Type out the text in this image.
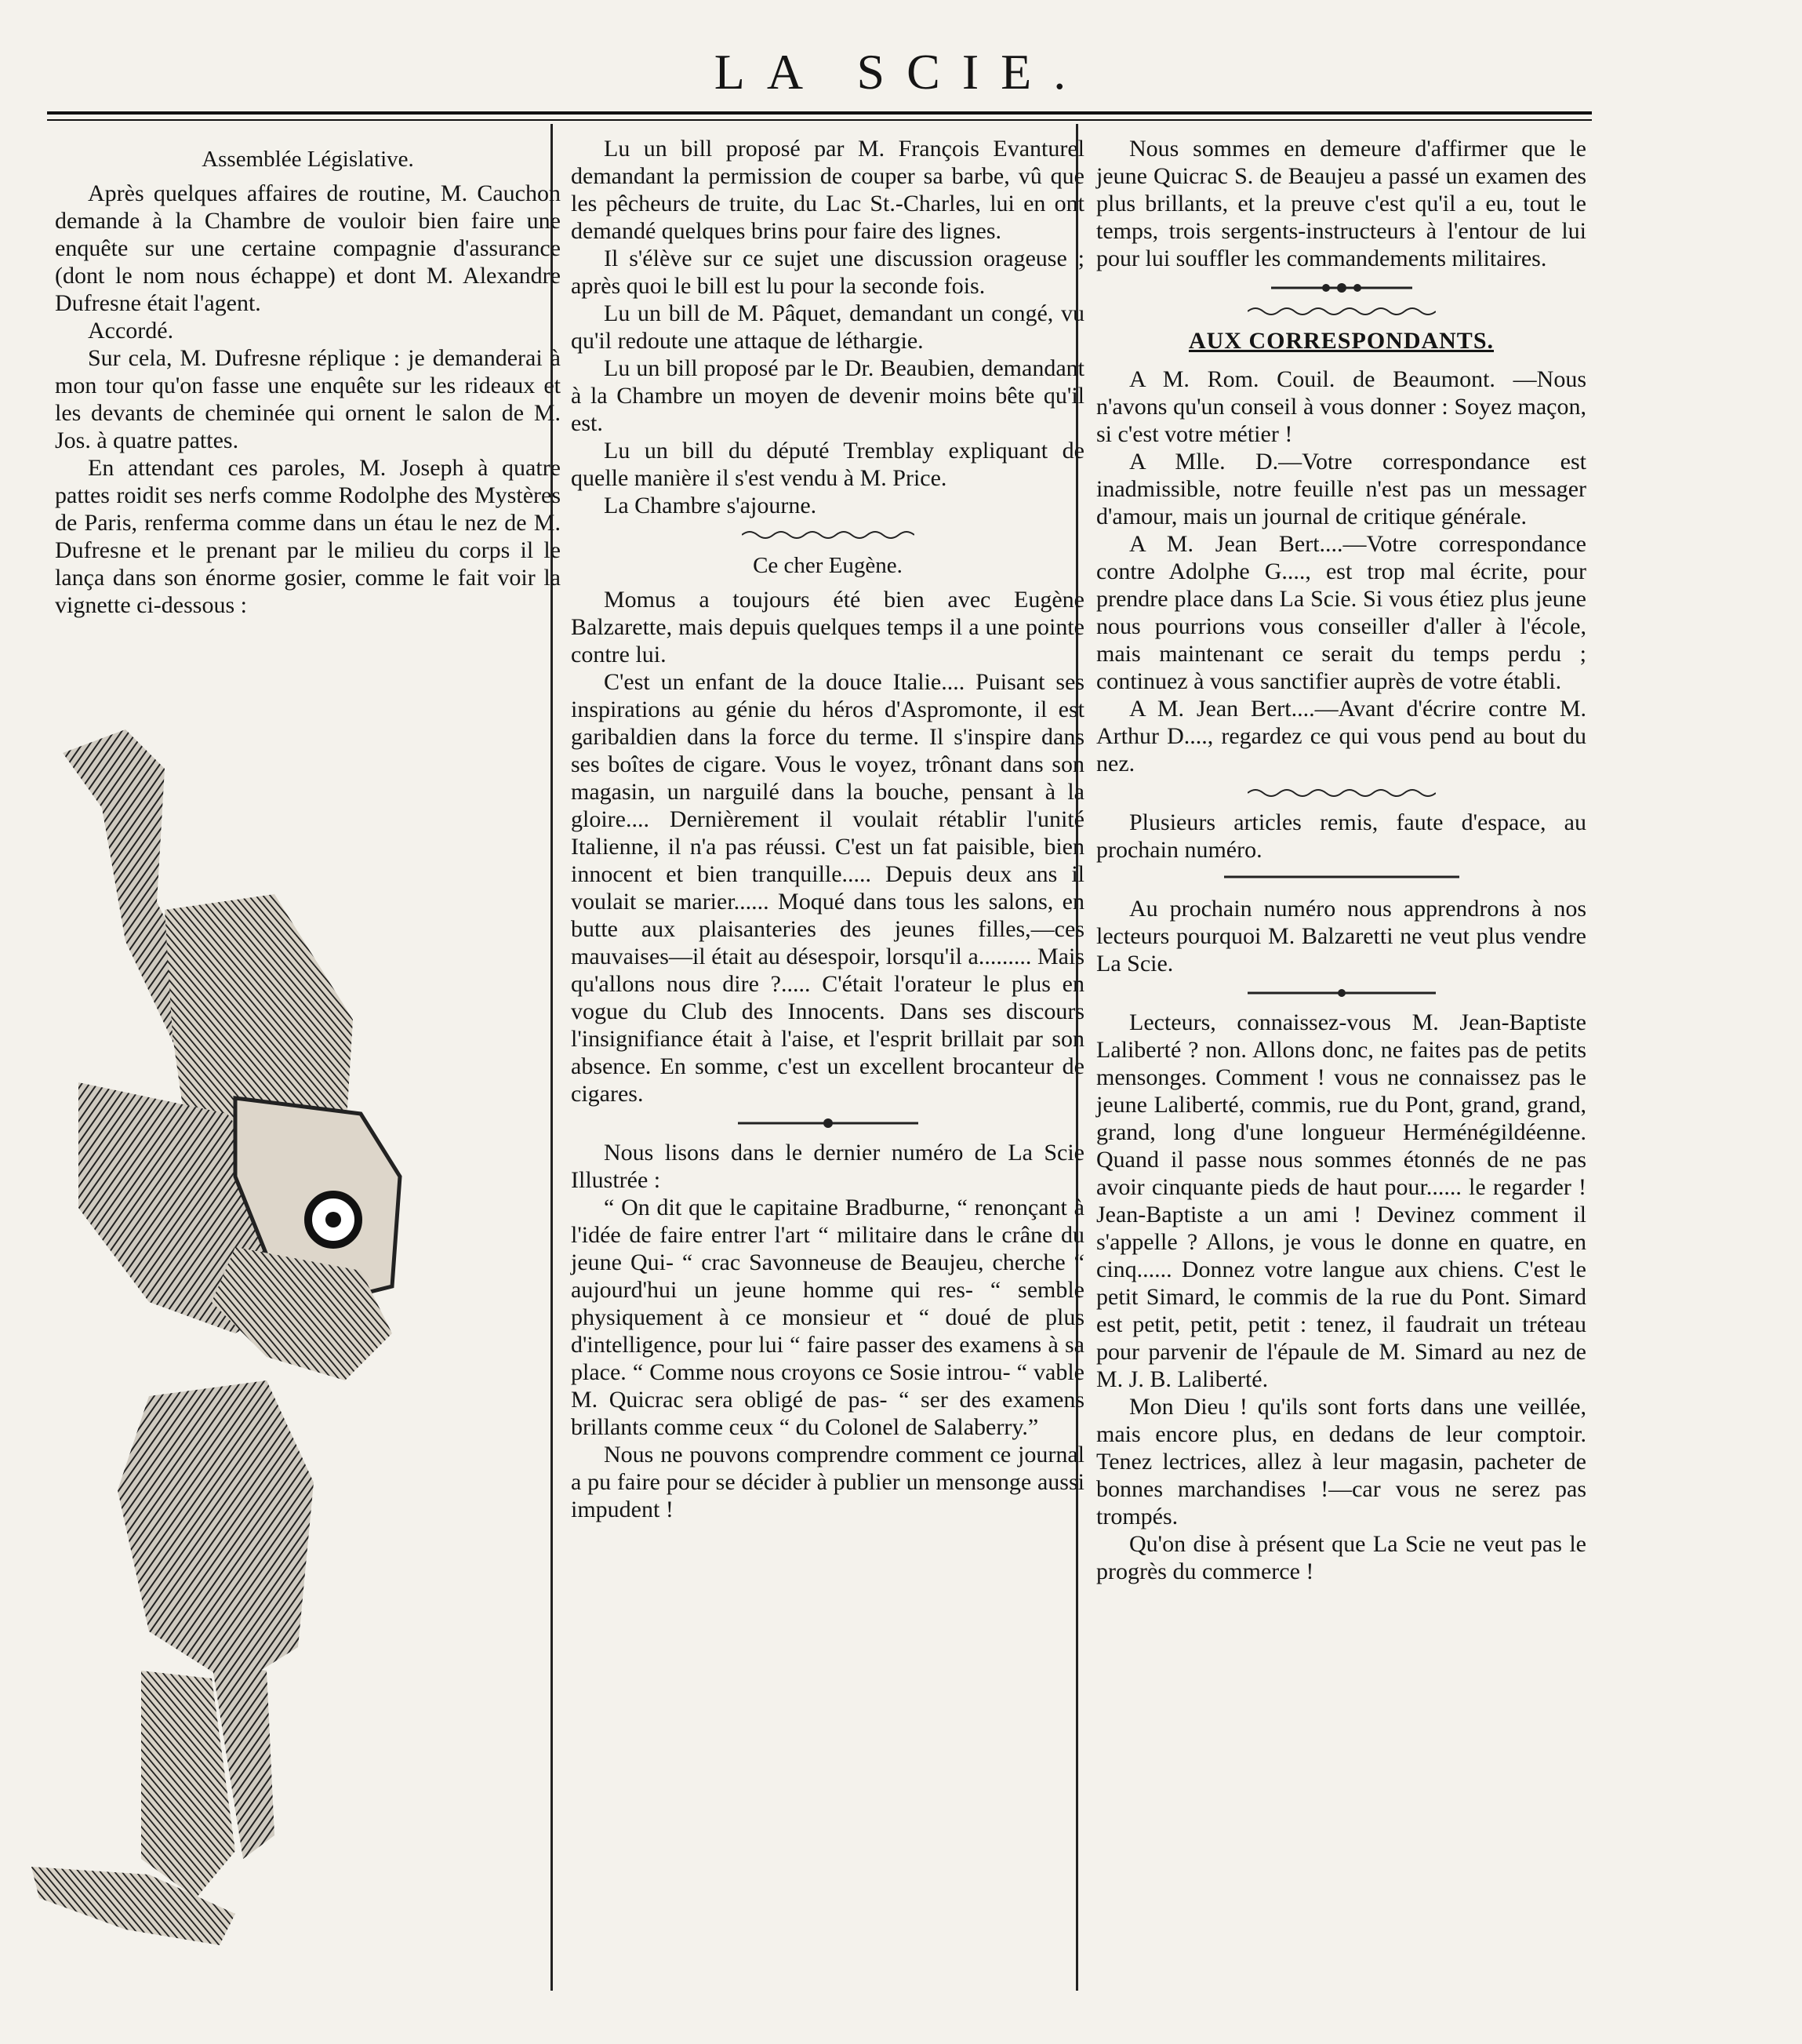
LA SCIE.
Assemblée Législative.

Après quelques affaires de routine, M. Cauchon demande à la Chambre de vouloir bien faire une enquête sur une certaine compagnie d'assurance (dont le nom nous échappe) et dont M. Alexandre Dufresne était l'agent.

Accordé.

Sur cela, M. Dufresne réplique : je demanderai à mon tour qu'on fasse une enquête sur les rideaux et les devants de cheminée qui ornent le salon de M. Jos. à quatre pattes.

En attendant ces paroles, M. Joseph à quatre pattes roidit ses nerfs comme Rodolphe des Mystères de Paris, renferma comme dans un étau le nez de M. Dufresne et le prenant par le milieu du corps il le lança dans son énorme gosier, comme le fait voir la vignette ci-dessous :

Lu un bill proposé par M. François Evanturel demandant la permission de couper sa barbe, vû que les pêcheurs de truite, du Lac St.-Charles, lui en ont demandé quelques brins pour faire des lignes.

Il s'élève sur ce sujet une discussion orageuse ; après quoi le bill est lu pour la seconde fois.

Lu un bill de M. Pâquet, demandant un congé, vu qu'il redoute une attaque de léthargie.

Lu un bill proposé par le Dr. Beaubien, demandant à la Chambre un moyen de devenir moins bête qu'il est.

Lu un bill du député Tremblay expliquant de quelle manière il s'est vendu à M. Price.

La Chambre s'ajourne.

Ce cher Eugène.

Momus a toujours été bien avec Eugène Balzarette, mais depuis quelques temps il a une pointe contre lui.

C'est un enfant de la douce Italie.... Puisant ses inspirations au génie du héros d'Aspromonte, il est garibaldien dans la force du terme. Il s'inspire dans ses boîtes de cigare. Vous le voyez, trônant dans son magasin, un narguilé dans la bouche, pensant à la gloire.... Dernièrement il voulait rétablir l'unité Italienne, il n'a pas réussi. C'est un fat paisible, bien innocent et bien tranquille..... Depuis deux ans il voulait se marier...... Moqué dans tous les salons, en butte aux plaisanteries des jeunes filles,—ces mauvaises—il était au désespoir, lorsqu'il a......... Mais qu'allons nous dire ?..... C'était l'orateur le plus en vogue du Club des Innocents. Dans ses discours l'insignifiance était à l'aise, et l'esprit brillait par son absence. En somme, c'est un excellent brocanteur de cigares.

Nous lisons dans le dernier numéro de La Scie Illustrée :

“ On dit que le capitaine Bradburne, “ renonçant à l'idée de faire entrer l'art “ militaire dans le crâne du jeune Qui- “ crac Savonneuse de Beaujeu, cherche “ aujourd'hui un jeune homme qui res- “ semble physiquement à ce monsieur et “ doué de plus d'intelligence, pour lui “ faire passer des examens à sa place. “ Comme nous croyons ce Sosie introu- “ vable M. Quicrac sera obligé de pas- “ ser des examens brillants comme ceux “ du Colonel de Salaberry.”

Nous ne pouvons comprendre comment ce journal a pu faire pour se décider à publier un mensonge aussi impudent !

Nous sommes en demeure d'affirmer que le jeune Quicrac S. de Beaujeu a passé un examen des plus brillants, et la preuve c'est qu'il a eu, tout le temps, trois sergents-instructeurs à l'entour de lui pour lui souffler les commandements militaires.

AUX CORRESPONDANTS.

A M. Rom. Couil. de Beaumont. —Nous n'avons qu'un conseil à vous donner : Soyez maçon, si c'est votre métier !

A Mlle. D.—Votre correspondance est inadmissible, notre feuille n'est pas un messager d'amour, mais un journal de critique générale.

A M. Jean Bert....—Votre correspondance contre Adolphe G...., est trop mal écrite, pour prendre place dans La Scie. Si vous étiez plus jeune nous pourrions vous conseiller d'aller à l'école, mais maintenant ce serait du temps perdu ; continuez à vous sanctifier auprès de votre établi.

A M. Jean Bert....—Avant d'écrire contre M. Arthur D...., regardez ce qui vous pend au bout du nez.

Plusieurs articles remis, faute d'espace, au prochain numéro.

Au prochain numéro nous apprendrons à nos lecteurs pourquoi M. Balzaretti ne veut plus vendre La Scie.

Lecteurs, connaissez-vous M. Jean-Baptiste Laliberté ? non. Allons donc, ne faites pas de petits mensonges. Comment ! vous ne connaissez pas le jeune Laliberté, commis, rue du Pont, grand, grand, grand, long d'une longueur Herménégildéenne. Quand il passe nous sommes étonnés de ne pas avoir cinquante pieds de haut pour...... le regarder ! Jean-Baptiste a un ami ! Devinez comment il s'appelle ? Allons, je vous le donne en quatre, en cinq...... Donnez votre langue aux chiens. C'est le petit Simard, le commis de la rue du Pont. Simard est petit, petit, petit : tenez, il faudrait un tréteau pour parvenir de l'épaule de M. Simard au nez de M. J. B. Laliberté.

Mon Dieu ! qu'ils sont forts dans une veillée, mais encore plus, en dedans de leur comptoir. Tenez lectrices, allez à leur magasin, pacheter de bonnes marchandises !—car vous ne serez pas trompés.

Qu'on dise à présent que La Scie ne veut pas le progrès du commerce !
